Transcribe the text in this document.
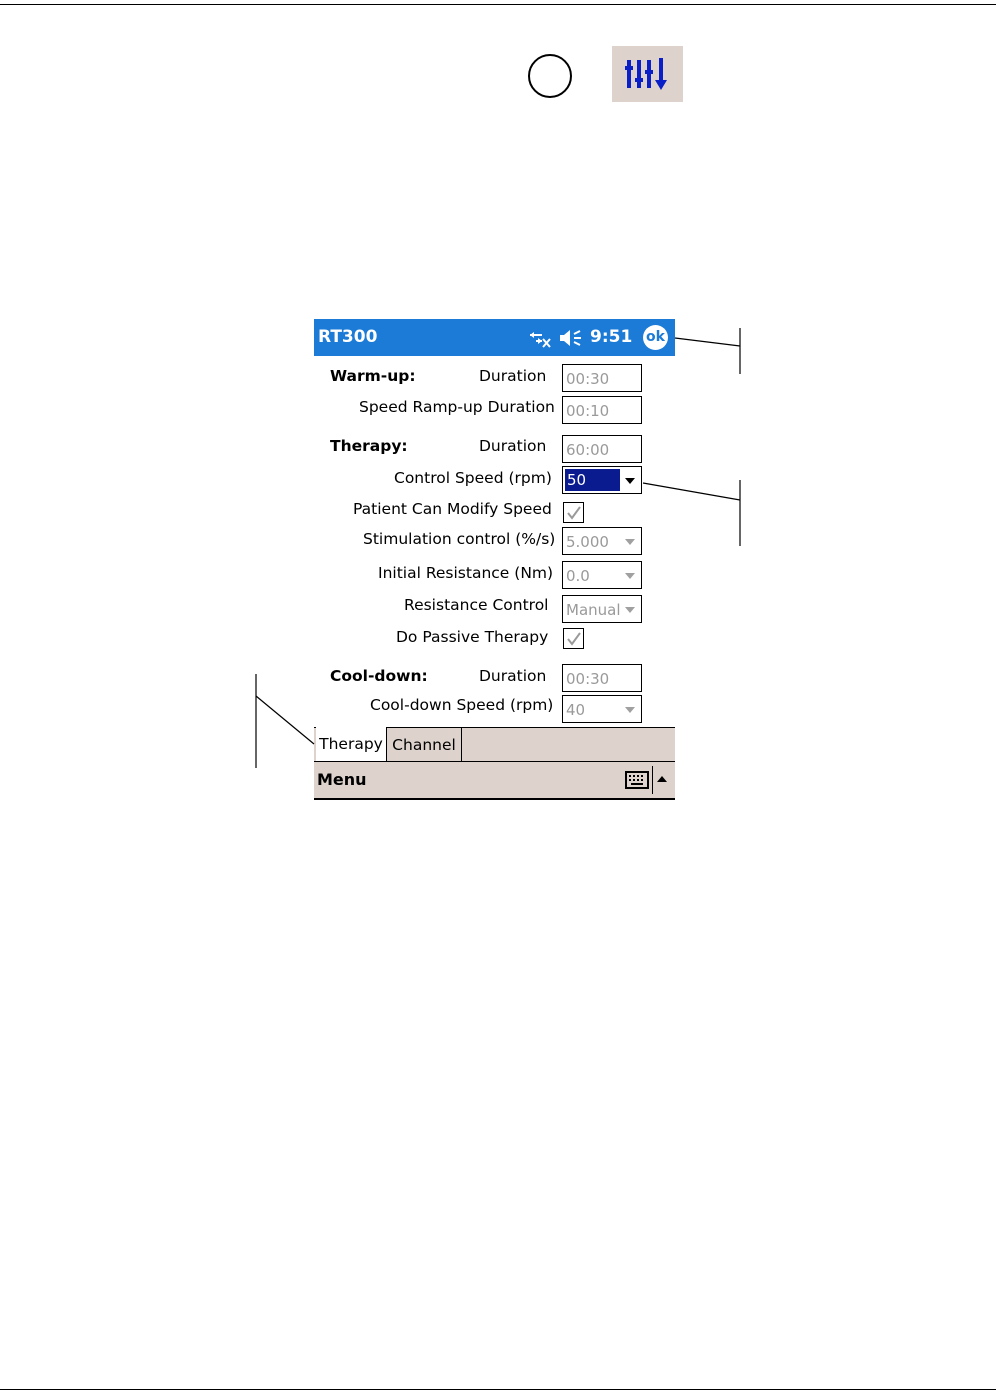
RT300	9:51 ok
Warm-up:	Duration 00:30
Speed Ramp-up Duration 00:10
Therapy:	Duration 60:00
Control Speed (rpm) 50
Patient Can Modify Speed
Stimulation control (%/s) 5.000
Initial Resistance (Nm) 0.0
Resistance Control Manual
Do Passive Therapy
Cool-down:	Duration 00:30
Cool-down Speed (rpm) 40
Therapy Channel
Menu
